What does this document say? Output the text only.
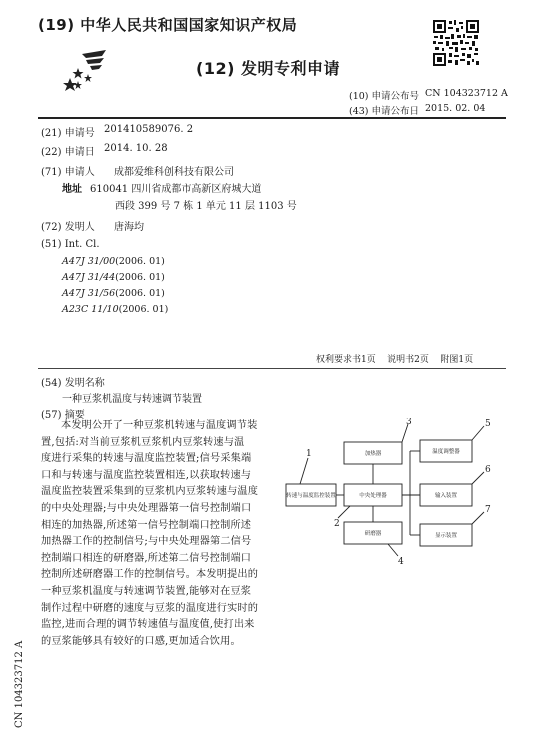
(19) 中华人民共和国国家知识产权局
(12) 发明专利申请
(10) 申请公布号 CN 104323712 A
(43) 申请公布日 2015. 02. 04
(21) 申请号 201410589076. 2
(22) 申请日 2014. 10. 28
(71) 申请人 成都爱维科创科技有限公司
地址 610041 四川省成都市高新区府城大道
西段 399 号 7 栋 1 单元 11 层 1103 号
(72) 发明人 唐海均
(51) Int. Cl.
A47J 31/00(2006. 01)
A47J 31/44(2006. 01)
A47J 31/56(2006. 01)
A23C 11/10(2006. 01)
权利要求书1页    说明书2页    附图1页
(54) 发明名称
一种豆浆机温度与转速调节装置
(57) 摘要
本发明公开了一种豆浆机转速与温度调节装
置,包括:对当前豆浆机豆浆机内豆浆转速与温
度进行采集的转速与温度监控装置;信号采集端
口和与转速与温度监控装置相连,以获取转速与
温度监控装置采集到的豆浆机内豆浆转速与温度
的中央处理器;与中央处理器第一信号控制端口
相连的加热器,所述第一信号控制端口控制所述
加热器工作的控制信号;与中央处理器第二信号
控制端口相连的研磨器,所述第二信号控制端口
控制所述研磨器工作的控制信号。本发明提出的
一种豆浆机温度与转速调节装置,能够对在豆浆
制作过程中研磨的速度与豆浆的温度进行实时的
监控,进而合理的调节转速值与温度值,使打出来
的豆浆能够具有较好的口感,更加适合饮用。
转速与温度监控装置	中央处理器
加热器
研磨器
温度调整器
输入装置
显示装置
1
2
3
4
5
6
7
CN 104323712 A
